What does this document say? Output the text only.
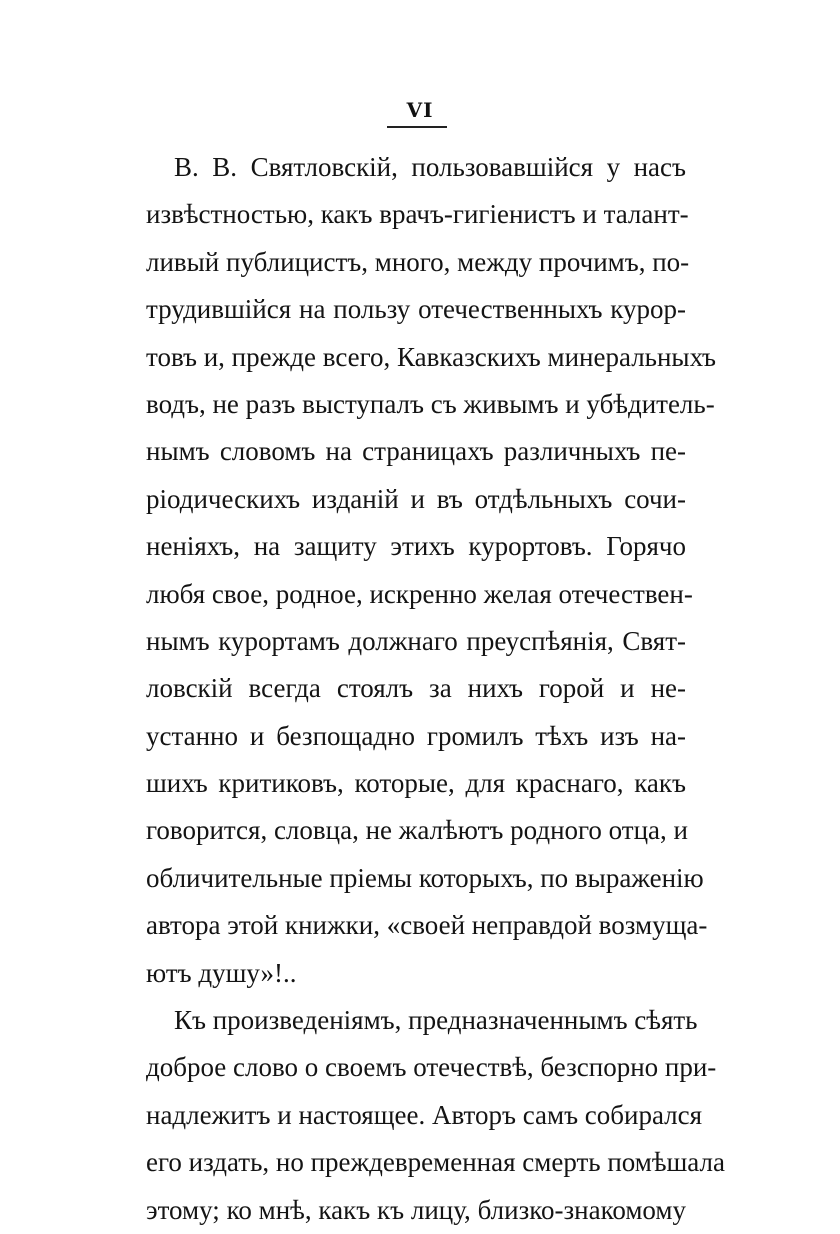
VI
В. В. Святловскій, пользовавшійся у насъ
извѣстностью, какъ врачъ-гигіенистъ и талант-
ливый публицистъ, много, между прочимъ, по-
трудившійся на пользу отечественныхъ курор-
товъ и, прежде всего, Кавказскихъ минеральныхъ
водъ, не разъ выступалъ съ живымъ и убѣдитель-
нымъ словомъ на страницахъ различныхъ пе-
ріодическихъ изданій и въ отдѣльныхъ сочи-
неніяхъ, на защиту этихъ курортовъ. Горячо
любя свое, родное, искренно желая отечествен-
нымъ курортамъ должнаго преуспѣянія, Свят-
ловскій всегда стоялъ за нихъ горой и не-
устанно и безпощадно громилъ тѣхъ изъ на-
шихъ критиковъ, которые, для краснаго, какъ
говорится, словца, не жалѣютъ родного отца, и
обличительные пріемы которыхъ, по выраженію
автора этой книжки, «своей неправдой возмуща-
ютъ душу»!..
Къ произведеніямъ, предназначеннымъ сѣять
доброе слово о своемъ отечествѣ, безспорно при-
надлежитъ и настоящее. Авторъ самъ собирался
его издать, но преждевременная смерть помѣшала
этому; ко мнѣ, какъ къ лицу, близко-знакомому
